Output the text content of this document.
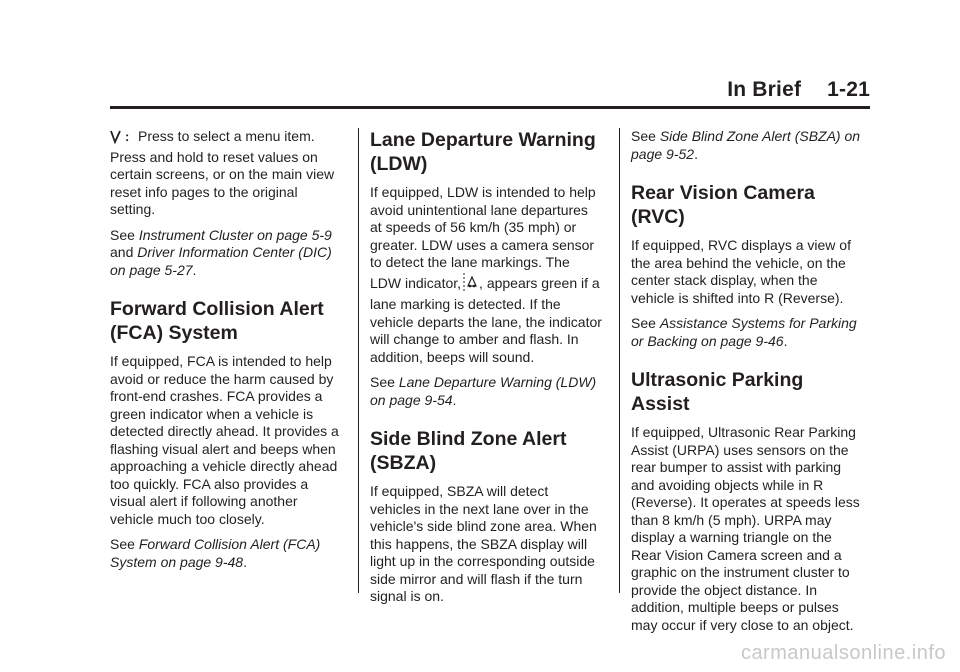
In Brief 1-21

: Press to select a menu item. Press and hold to reset values on certain screens, or on the main view reset info pages to the original setting.

See Instrument Cluster on page 5-9 and Driver Information Center (DIC) on page 5-27.

Forward Collision Alert (FCA) System

If equipped, FCA is intended to help avoid or reduce the harm caused by front-end crashes. FCA provides a green indicator when a vehicle is detected directly ahead. It provides a flashing visual alert and beeps when approaching a vehicle directly ahead too quickly. FCA also provides a visual alert if following another vehicle much too closely.

See Forward Collision Alert (FCA) System on page 9-48.

Lane Departure Warning (LDW)

If equipped, LDW is intended to help avoid unintentional lane departures at speeds of 56 km/h (35 mph) or greater. LDW uses a camera sensor to detect the lane markings. The LDW indicator, , appears green if a lane marking is detected. If the vehicle departs the lane, the indicator will change to amber and flash. In addition, beeps will sound.

See Lane Departure Warning (LDW) on page 9-54.

Side Blind Zone Alert (SBZA)

If equipped, SBZA will detect vehicles in the next lane over in the vehicle's side blind zone area. When this happens, the SBZA display will light up in the corresponding outside side mirror and will flash if the turn signal is on.

See Side Blind Zone Alert (SBZA) on page 9-52.

Rear Vision Camera (RVC)

If equipped, RVC displays a view of the area behind the vehicle, on the center stack display, when the vehicle is shifted into R (Reverse).

See Assistance Systems for Parking or Backing on page 9-46.

Ultrasonic Parking Assist

If equipped, Ultrasonic Rear Parking Assist (URPA) uses sensors on the rear bumper to assist with parking and avoiding objects while in R (Reverse). It operates at speeds less than 8 km/h (5 mph). URPA may display a warning triangle on the Rear Vision Camera screen and a graphic on the instrument cluster to provide the object distance. In addition, multiple beeps or pulses may occur if very close to an object.

carmanualsonline.info
